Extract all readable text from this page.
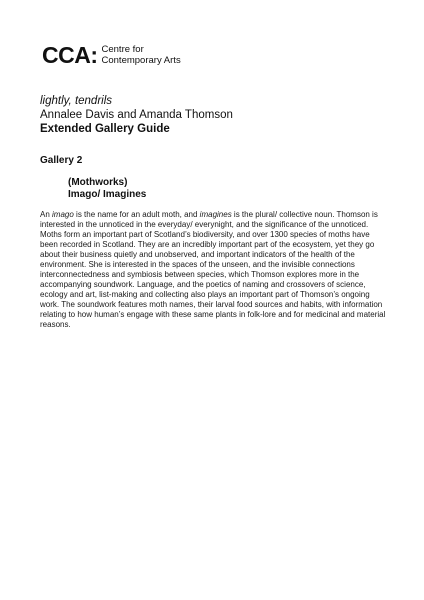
CCA: Centre for
Contemporary Arts
lightly, tendrils
Annalee Davis and Amanda Thomson
Extended Gallery Guide
Gallery 2
(Mothworks)
Imago/ Imagines

An imago is the name for an adult moth, and imagines is the plural/ collective noun. Thomson is interested in the unnoticed in the everyday/ everynight, and the significance of the unnoticed. Moths form an important part of Scotland’s biodiversity, and over 1300 species of moths have been recorded in Scotland. They are an incredibly important part of the ecosystem, yet they go about their business quietly and unobserved, and important indicators of the health of the environment. She is interested in the spaces of the unseen, and the invisible connections interconnectedness and symbiosis between species, which Thomson explores more in the accompanying soundwork. Language, and the poetics of naming and crossovers of science, ecology and art, list-making and collecting also plays an important part of Thomson’s ongoing work. The soundwork features moth names, their larval food sources and habits, with information relating to how human’s engage with these same plants in folk-lore and for medicinal and material reasons.
